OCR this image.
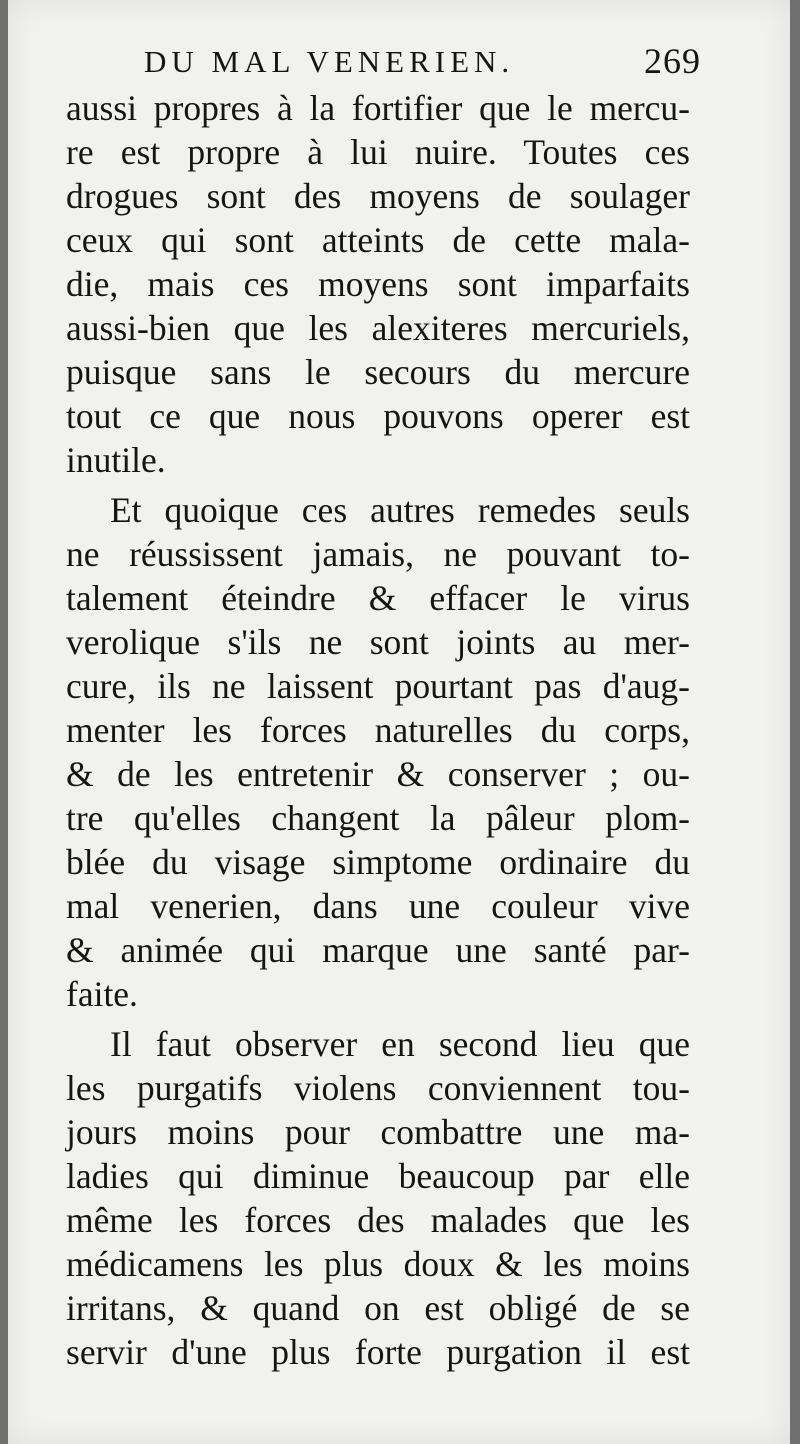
DU MAL VENERIEN.	269
aussi propres à la fortifier que le mercu-
re est propre à lui nuire. Toutes ces
drogues sont des moyens de soulager
ceux qui sont atteints de cette mala-
die, mais ces moyens sont imparfaits
aussi-bien que les alexiteres mercuriels,
puisque sans le secours du mercure
tout ce que nous pouvons operer est
inutile.
Et quoique ces autres remedes seuls
ne réussissent jamais, ne pouvant to-
talement éteindre & effacer le virus
verolique s'ils ne sont joints au mer-
cure, ils ne laissent pourtant pas d'aug-
menter les forces naturelles du corps,
& de les entretenir & conserver ; ou-
tre qu'elles changent la pâleur plom-
blée du visage simptome ordinaire du
mal venerien, dans une couleur vive
& animée qui marque une santé par-
faite.
Il faut observer en second lieu que
les purgatifs violens conviennent tou-
jours moins pour combattre une ma-
ladies qui diminue beaucoup par elle
même les forces des malades que les
médicamens les plus doux & les moins
irritans, & quand on est obligé de se
servir d'une plus forte purgation il est
